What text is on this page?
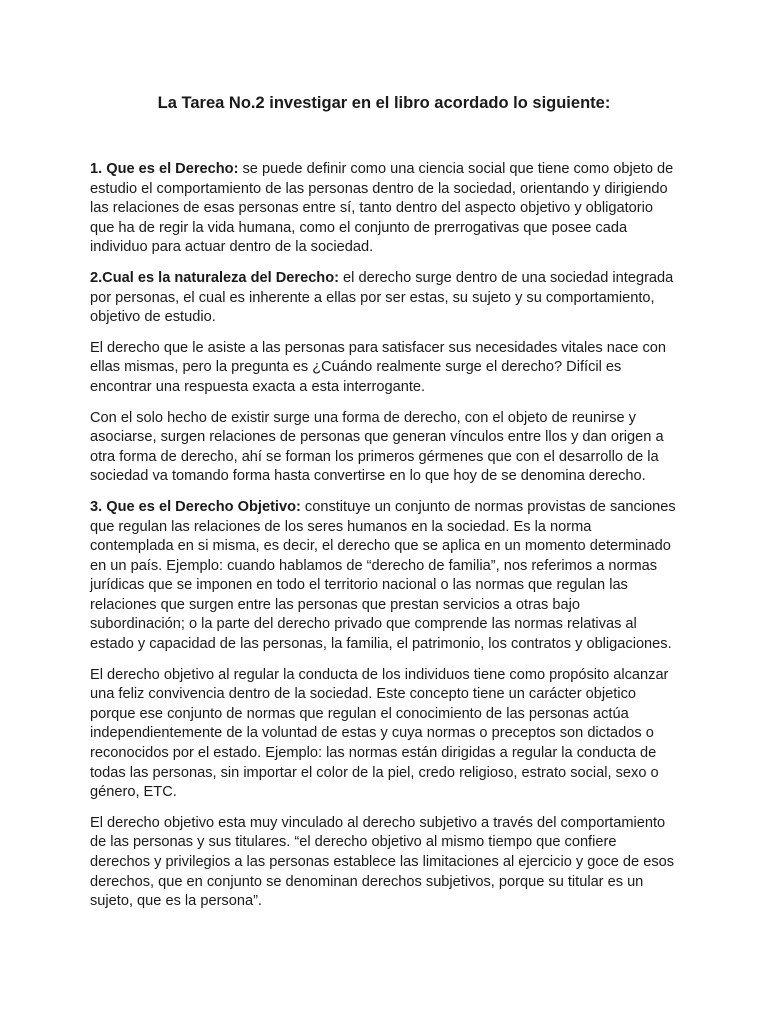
La Tarea No.2 investigar en el libro acordado lo siguiente:

1. Que es el Derecho: se puede definir como una ciencia social que tiene como objeto de estudio el comportamiento de las personas dentro de la sociedad, orientando y dirigiendo las relaciones de esas personas entre sí, tanto dentro del aspecto objetivo y obligatorio que ha de regir la vida humana, como el conjunto de prerrogativas que posee cada individuo para actuar dentro de la sociedad.

2.Cual es la naturaleza del Derecho: el derecho surge dentro de una sociedad integrada por personas, el cual es inherente a ellas por ser estas, su sujeto y su comportamiento, objetivo de estudio.

El derecho que le asiste a las personas para satisfacer sus necesidades vitales nace con ellas mismas, pero la pregunta es ¿Cuándo realmente surge el derecho? Difícil es encontrar una respuesta exacta a esta interrogante.

Con el solo hecho de existir surge una forma de derecho, con el objeto de reunirse y asociarse, surgen relaciones de personas que generan vínculos entre llos y dan origen a otra forma de derecho, ahí se forman los primeros gérmenes que con el desarrollo de la sociedad va tomando forma hasta convertirse en lo que hoy de se denomina derecho.

3. Que es el Derecho Objetivo: constituye un conjunto de normas provistas de sanciones que regulan las relaciones de los seres humanos en la sociedad. Es la norma contemplada en si misma, es decir, el derecho que se aplica en un momento determinado en un país. Ejemplo: cuando hablamos de “derecho de familia”, nos referimos a normas jurídicas que se imponen en todo el territorio nacional o las normas que regulan las relaciones que surgen entre las personas que prestan servicios a otras bajo subordinación; o la parte del derecho privado que comprende las normas relativas al estado y capacidad de las personas, la familia, el patrimonio, los contratos y obligaciones.

El derecho objetivo al regular la conducta de los individuos tiene como propósito alcanzar una feliz convivencia dentro de la sociedad. Este concepto tiene un carácter objetico porque ese conjunto de normas que regulan el conocimiento de las personas actúa independientemente de la voluntad de estas y cuya normas o preceptos son dictados o reconocidos por el estado. Ejemplo: las normas están dirigidas a regular la conducta de todas las personas, sin importar el color de la piel, credo religioso, estrato social, sexo o género, ETC.

El derecho objetivo esta muy vinculado al derecho subjetivo a través del comportamiento de las personas y sus titulares. “el derecho objetivo al mismo tiempo que confiere derechos y privilegios a las personas establece las limitaciones al ejercicio y goce de esos derechos, que en conjunto se denominan derechos subjetivos, porque su titular es un sujeto, que es la persona”.
